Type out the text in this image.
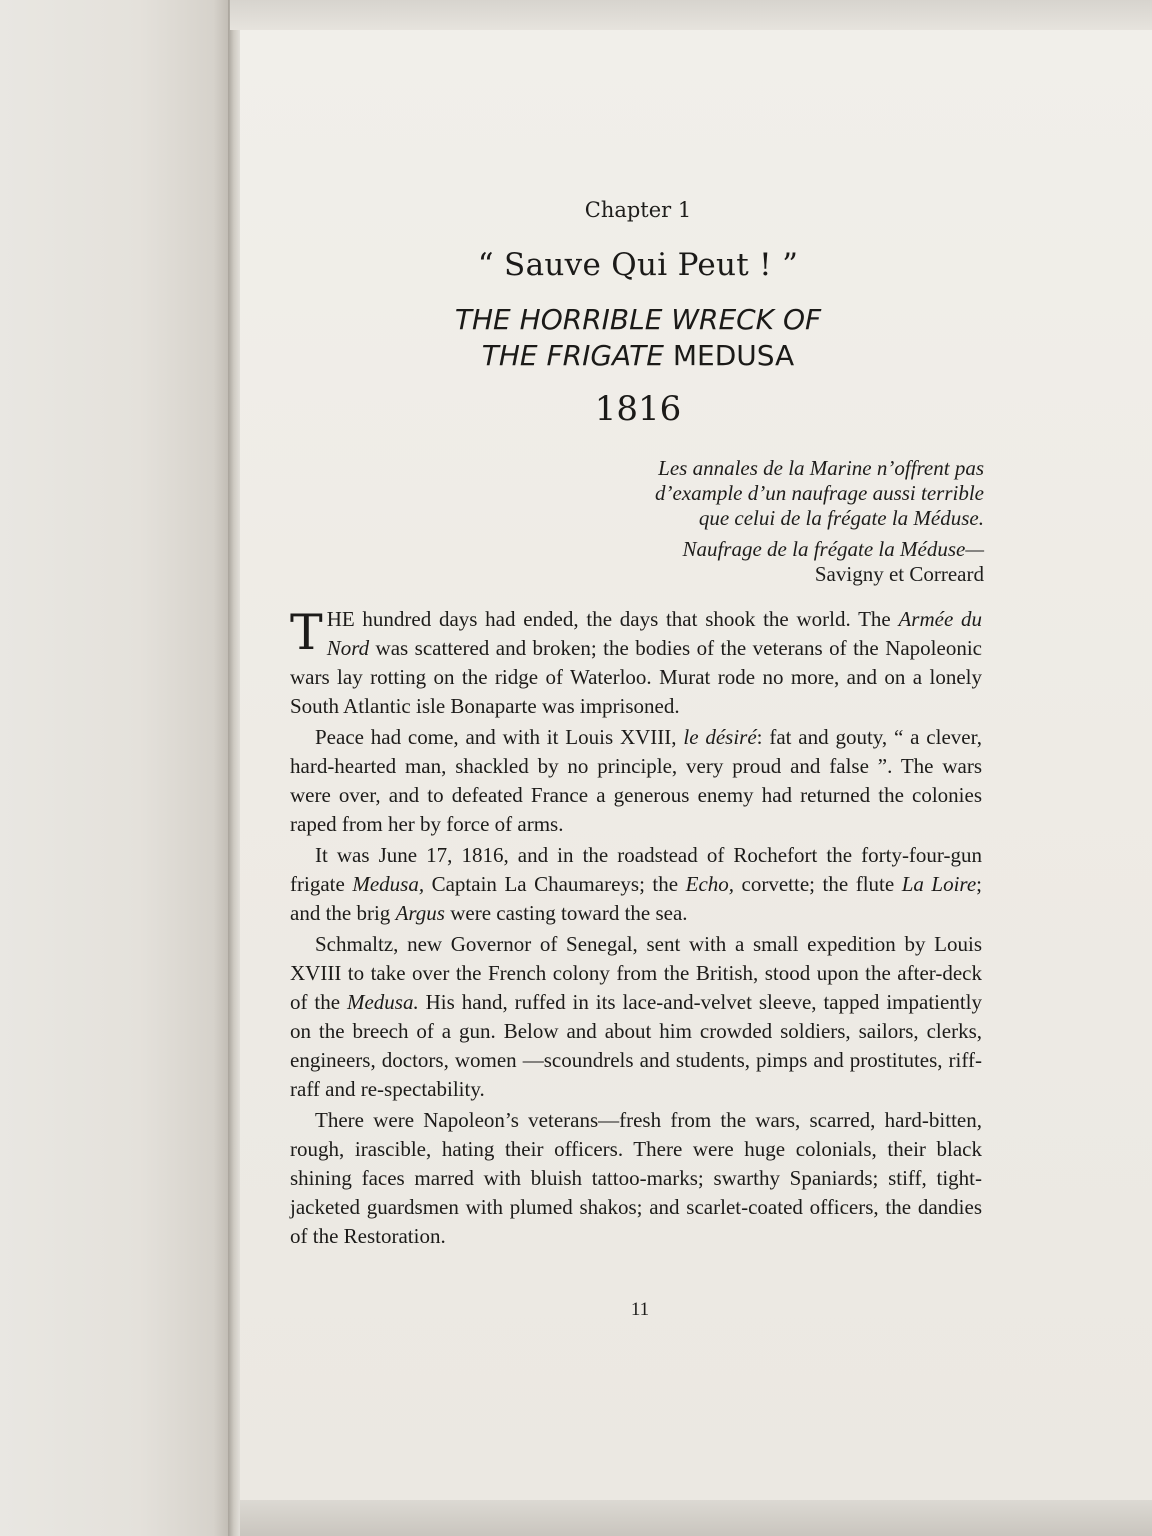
Chapter 1
“ Sauve Qui Peut ! ”
THE HORRIBLE WRECK OF
THE FRIGATE MEDUSA
1816
Les annales de la Marine n’offrent pas
d’example d’un naufrage aussi terrible
que celui de la frégate la Méduse.
Naufrage de la frégate la Méduse—
Savigny et Correard

THE hundred days had ended, the days that shook the world. The Armée du Nord was scattered and broken; the bodies of the veterans of the Napoleonic wars lay rotting on the ridge of Waterloo. Murat rode no more, and on a lonely South Atlantic isle Bonaparte was imprisoned.

Peace had come, and with it Louis XVIII, le désiré: fat and gouty, “ a clever, hard-hearted man, shackled by no principle, very proud and false ”. The wars were over, and to defeated France a generous enemy had returned the colonies raped from her by force of arms.

It was June 17, 1816, and in the roadstead of Rochefort the forty-four-gun frigate Medusa, Captain La Chaumareys; the Echo, corvette; the flute La Loire; and the brig Argus were casting toward the sea.

Schmaltz, new Governor of Senegal, sent with a small expedition by Louis XVIII to take over the French colony from the British, stood upon the after-deck of the Medusa. His hand, ruffed in its lace-and-velvet sleeve, tapped impatiently on the breech of a gun. Below and about him crowded soldiers, sailors, clerks, engineers, doctors, women —scoundrels and students, pimps and prostitutes, riff-raff and re-spectability.

There were Napoleon’s veterans—fresh from the wars, scarred, hard-bitten, rough, irascible, hating their officers. There were huge colonials, their black shining faces marred with bluish tattoo-marks; swarthy Spaniards; stiff, tight-jacketed guardsmen with plumed shakos; and scarlet-coated officers, the dandies of the Restoration.

11
